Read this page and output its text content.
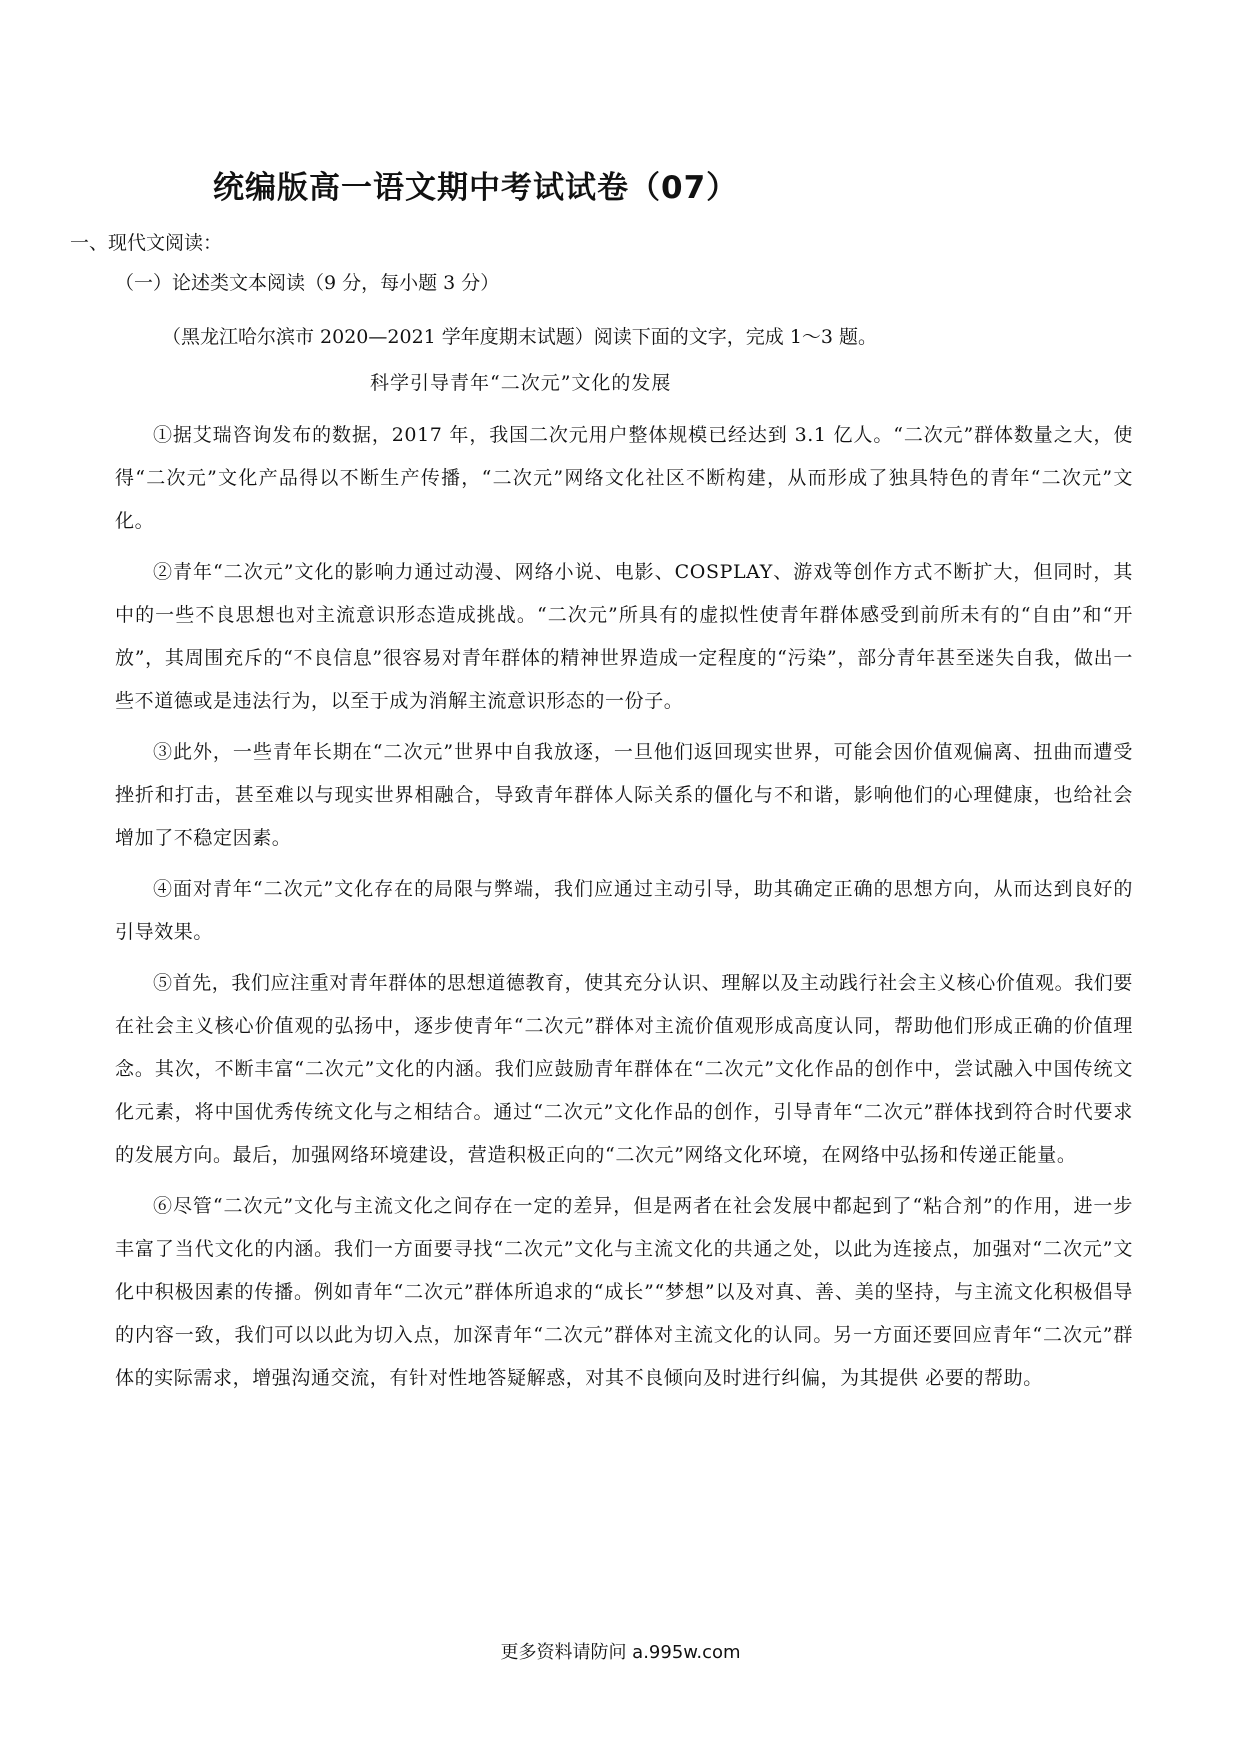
统编版高一语文期中考试试卷（07）
一、现代文阅读：
（一）论述类文本阅读（9 分，每小题 3 分）
（黑龙江哈尔滨市 2020—2021 学年度期末试题）阅读下面的文字，完成 1～3 题。
科学引导青年“二次元”文化的发展

①据艾瑞咨询发布的数据，2017 年，我国二次元用户整体规模已经达到 3.1 亿人。“二次元”群体数量之大，使得“二次元”文化产品得以不断生产传播，“二次元”网络文化社区不断构建，从而形成了独具特色的青年“二次元”文化。

②青年“二次元”文化的影响力通过动漫、网络小说、电影、COSPLAY、游戏等创作方式不断扩大，但同时，其中的一些不良思想也对主流意识形态造成挑战。“二次元”所具有的虚拟性使青年群体感受到前所未有的“自由”和“开放”，其周围充斥的“不良信息”很容易对青年群体的精神世界造成一定程度的“污染”，部分青年甚至迷失自我，做出一些不道德或是违法行为，以至于成为消解主流意识形态的一份子。

③此外，一些青年长期在“二次元”世界中自我放逐，一旦他们返回现实世界，可能会因价值观偏离、扭曲而遭受挫折和打击，甚至难以与现实世界相融合，导致青年群体人际关系的僵化与不和谐，影响他们的心理健康，也给社会增加了不稳定因素。

④面对青年“二次元”文化存在的局限与弊端，我们应通过主动引导，助其确定正确的思想方向，从而达到良好的引导效果。

⑤首先，我们应注重对青年群体的思想道德教育，使其充分认识、理解以及主动践行社会主义核心价值观。我们要在社会主义核心价值观的弘扬中，逐步使青年“二次元”群体对主流价值观形成高度认同，帮助他们形成正确的价值理念。其次，不断丰富“二次元”文化的内涵。我们应鼓励青年群体在“二次元”文化作品的创作中，尝试融入中国传统文化元素，将中国优秀传统文化与之相结合。通过“二次元”文化作品的创作，引导青年“二次元”群体找到符合时代要求的发展方向。最后，加强网络环境建设，营造积极正向的“二次元”网络文化环境，在网络中弘扬和传递正能量。

⑥尽管“二次元”文化与主流文化之间存在一定的差异，但是两者在社会发展中都起到了“粘合剂”的作用，进一步丰富了当代文化的内涵。我们一方面要寻找“二次元”文化与主流文化的共通之处，以此为连接点，加强对“二次元”文化中积极因素的传播。例如青年“二次元”群体所追求的“成长”“梦想”以及对真、善、美的坚持，与主流文化积极倡导的内容一致，我们可以以此为切入点，加深青年“二次元”群体对主流文化的认同。另一方面还要回应青年“二次元”群体的实际需求，增强沟通交流，有针对性地答疑解惑，对其不良倾向及时进行纠偏，为其提供 必要的帮助。

更多资料请防问 a.995w.com
